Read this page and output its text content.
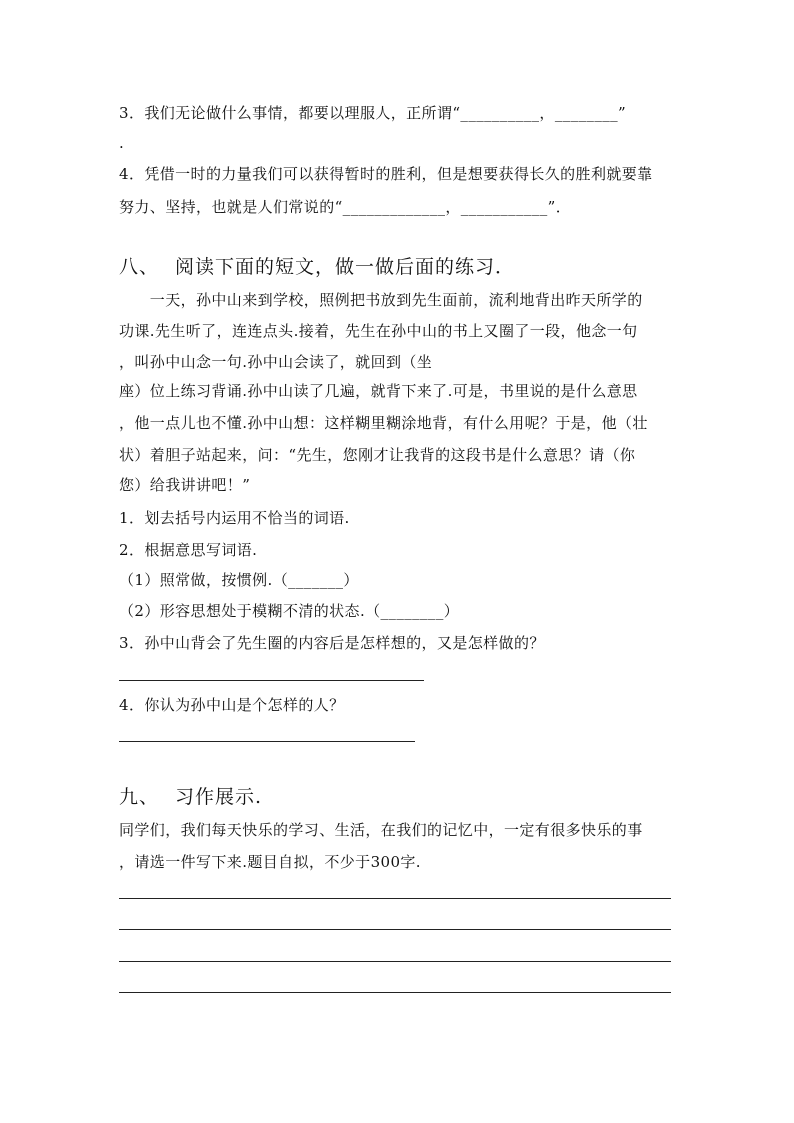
3．我们无论做什么事情，都要以理服人，正所谓“__________，________”
.
4．凭借一时的力量我们可以获得暂时的胜利，但是想要获得长久的胜利就要靠
努力、坚持，也就是人们常说的“_____________，___________”．
八、 阅读下面的短文，做一做后面的练习．
　　一天，孙中山来到学校，照例把书放到先生面前，流利地背出昨天所学的
功课.先生听了，连连点头.接着，先生在孙中山的书上又圈了一段，他念一句
，叫孙中山念一句.孙中山会读了，就回到（坐
座）位上练习背诵.孙中山读了几遍，就背下来了.可是，书里说的是什么意思
，他一点儿也不懂.孙中山想：这样糊里糊涂地背，有什么用呢？于是，他（壮
状）着胆子站起来，问：“先生，您刚才让我背的这段书是什么意思？请（你
您）给我讲讲吧！”
1．划去括号内运用不恰当的词语.
2．根据意思写词语.
（1）照常做，按惯例.（_______）
（2）形容思想处于模糊不清的状态.（________）
3．孙中山背会了先生圈的内容后是怎样想的，又是怎样做的？
4．你认为孙中山是个怎样的人？
九、 习作展示.
同学们，我们每天快乐的学习、生活，在我们的记忆中，一定有很多快乐的事
，请选一件写下来.题目自拟，不少于300字.
